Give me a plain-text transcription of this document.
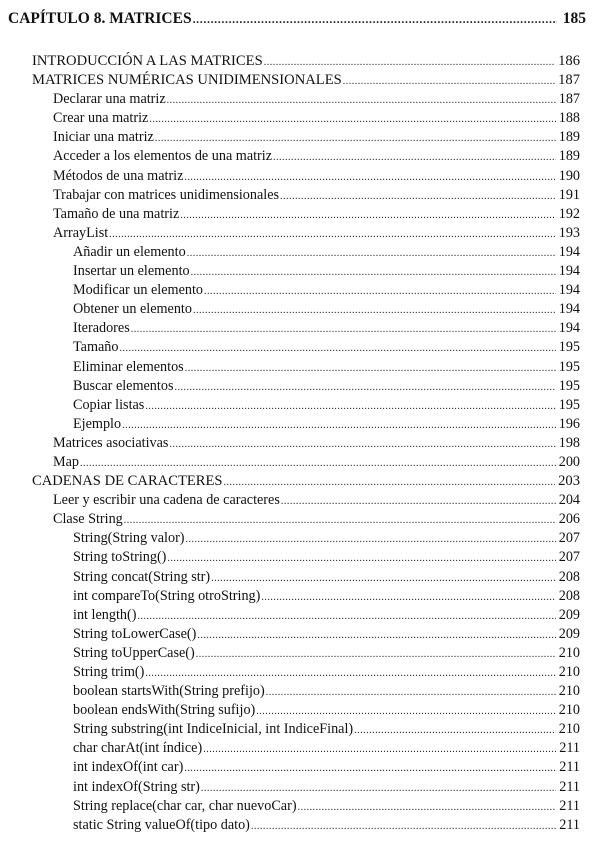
CAPÍTULO 8. MATRICES .....	185
INTRODUCCIÓN A LAS MATRICES .....	186
MATRICES NUMÉRICAS UNIDIMENSIONALES .....	187
Declarar una matriz .....	187
Crear una matriz .....	188
Iniciar una matriz .....	189
Acceder a los elementos de una matriz .....	189
Métodos de una matriz .....	190
Trabajar con matrices unidimensionales .....	191
Tamaño de una matriz .....	192
ArrayList .....	193
Añadir un elemento .....	194
Insertar un elemento .....	194
Modificar un elemento .....	194
Obtener un elemento .....	194
Iteradores .....	194
Tamaño .....	195
Eliminar elementos .....	195
Buscar elementos .....	195
Copiar listas .....	195
Ejemplo .....	196
Matrices asociativas .....	198
Map .....	200
CADENAS DE CARACTERES .....	203
Leer y escribir una cadena de caracteres .....	204
Clase String .....	206
String(String valor) .....	207
String toString() .....	207
String concat(String str) .....	208
int compareTo(String otroString) .....	208
int length() .....	209
String toLowerCase() .....	209
String toUpperCase() .....	210
String trim() .....	210
boolean startsWith(String prefijo) .....	210
boolean endsWith(String sufijo) .....	210
String substring(int IndiceInicial, int IndiceFinal) .....	210
char charAt(int índice) .....	211
int indexOf(int car) .....	211
int indexOf(String str) .....	211
String replace(char car, char nuevoCar) .....	211
static String valueOf(tipo dato) .....	211
